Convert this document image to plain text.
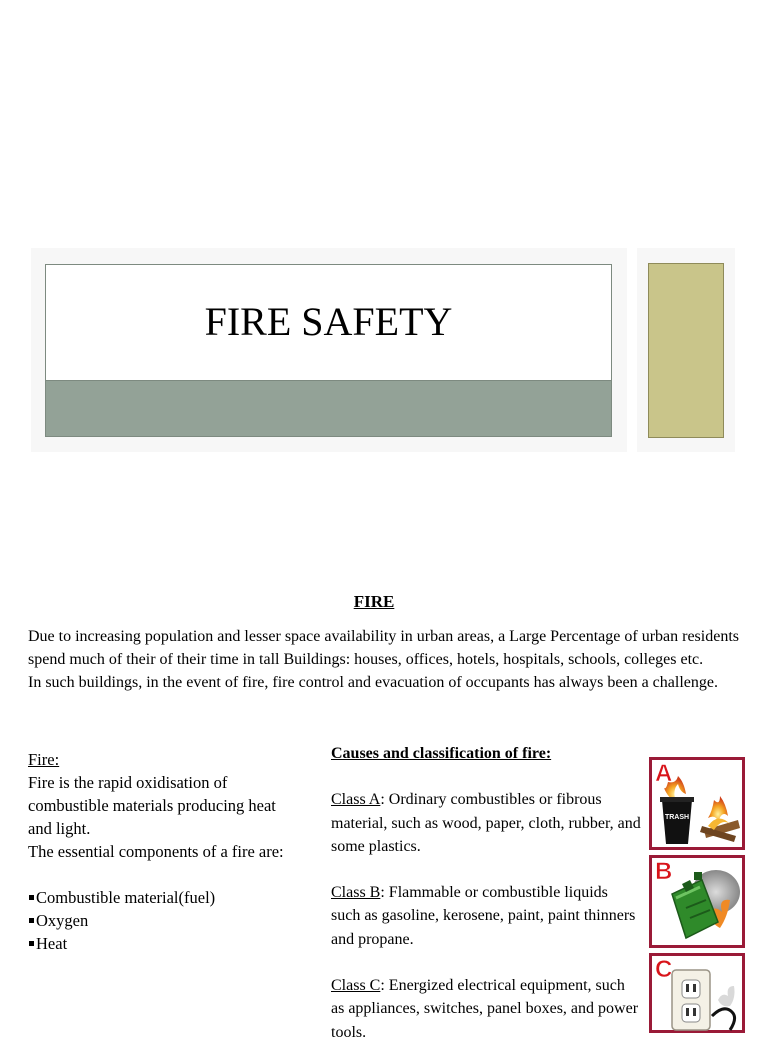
FIRE SAFETY
FIRE

Due to increasing population and lesser space availability in urban areas, a Large Percentage of urban residents spend much of their of their time in tall Buildings: houses, offices, hotels, hospitals, schools, colleges etc.

In such buildings, in the event of fire, fire control and evacuation of occupants has always been a challenge.

Fire:

Fire is the rapid oxidisation of combustible materials producing heat and light.

The essential components of a fire are:

Combustible material(fuel)
Oxygen
Heat

Causes and classification of fire:

Class A: Ordinary combustibles or fibrous material, such as wood, paper, cloth, rubber, and some plastics.

Class B: Flammable or combustible liquids such as gasoline, kerosene, paint, paint thinners and propane.

Class C: Energized electrical equipment, such as appliances, switches, panel boxes, and power tools.

A
TRASH
B
C
